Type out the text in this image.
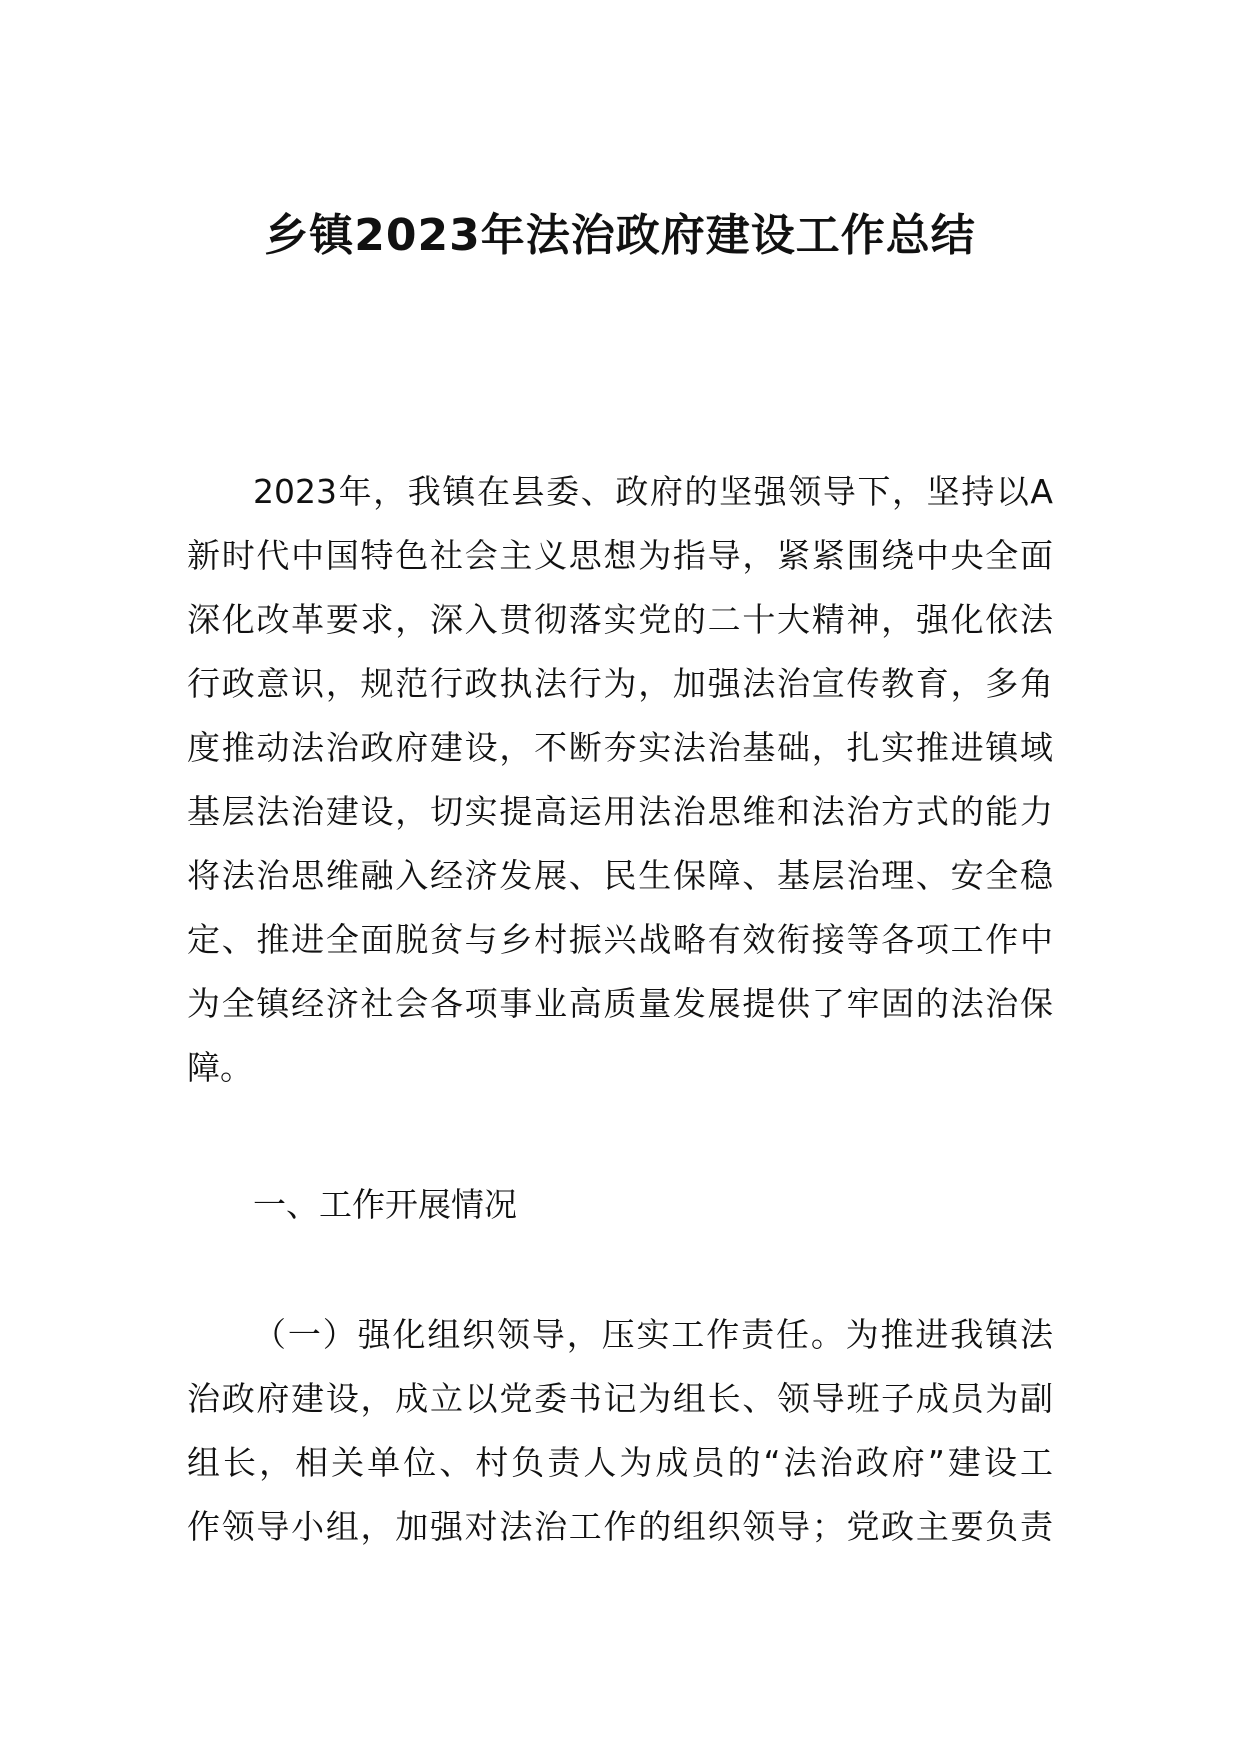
乡镇2023年法治政府建设工作总结
2023年，我镇在县委、政府的坚强领导下，坚持以A
新时代中国特色社会主义思想为指导，紧紧围绕中央全面
深化改革要求，深入贯彻落实党的二十大精神，强化依法
行政意识，规范行政执法行为，加强法治宣传教育，多角
度推动法治政府建设，不断夯实法治基础，扎实推进镇域
基层法治建设，切实提高运用法治思维和法治方式的能力
将法治思维融入经济发展、民生保障、基层治理、安全稳
定、推进全面脱贫与乡村振兴战略有效衔接等各项工作中
为全镇经济社会各项事业高质量发展提供了牢固的法治保
障。
一、工作开展情况
（一）强化组织领导，压实工作责任。为推进我镇法
治政府建设，成立以党委书记为组长、领导班子成员为副
组长，相关单位、村负责人为成员的“法治政府”建设工
作领导小组，加强对法治工作的组织领导；党政主要负责
